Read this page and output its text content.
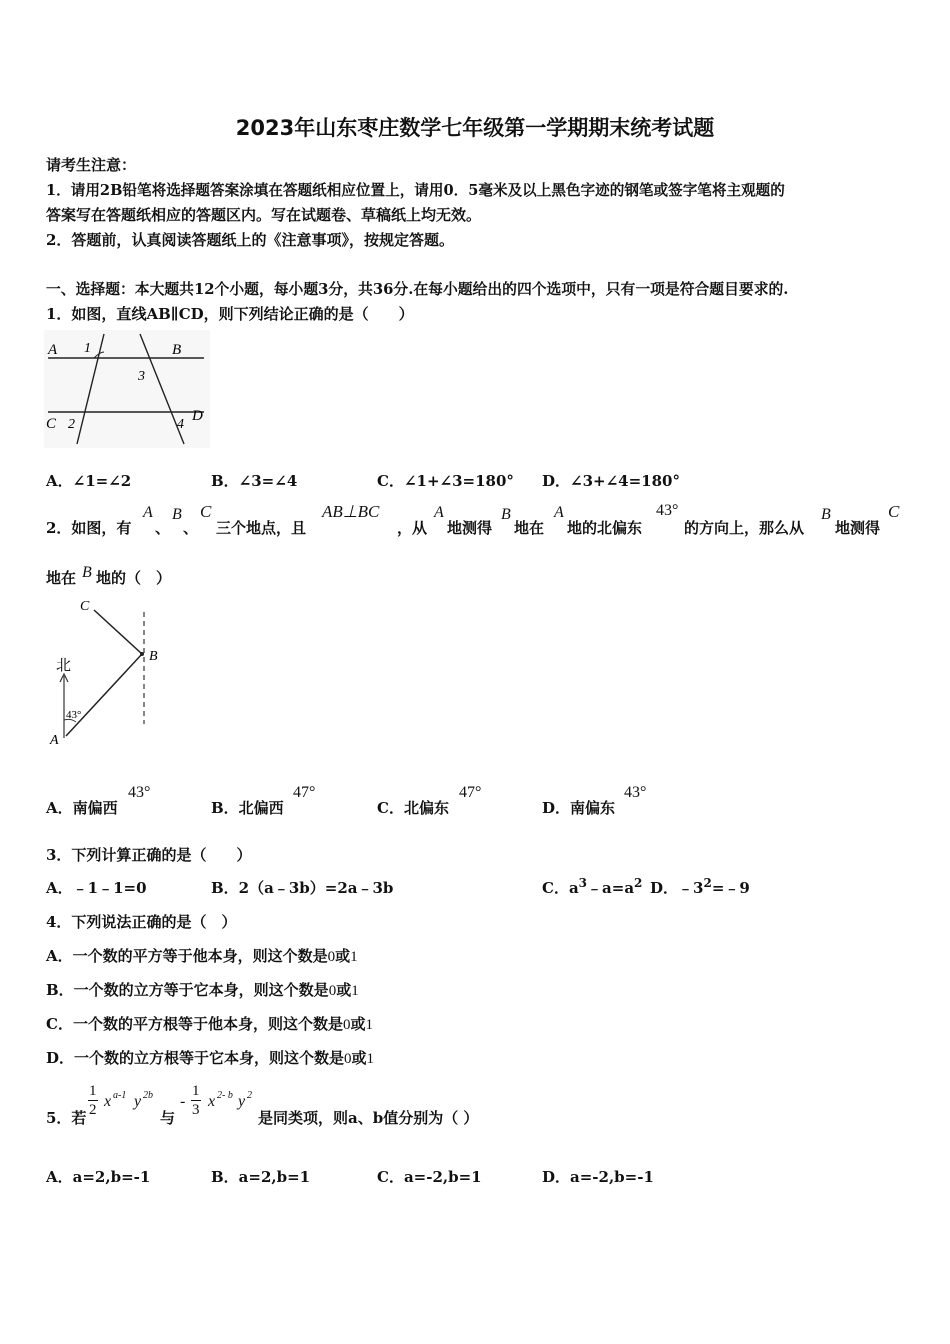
2023年山东枣庄数学七年级第一学期期末统考试题
请考生注意：
1．请用2B铅笔将选择题答案涂填在答题纸相应位置上，请用0．5毫米及以上黑色字迹的钢笔或签字笔将主观题的
答案写在答题纸相应的答题区内。写在试题卷、草稿纸上均无效。
2．答题前，认真阅读答题纸上的《注意事项》，按规定答题。
一、选择题：本大题共12个小题，每小题3分，共36分.在每小题给出的四个选项中，只有一项是符合题目要求的.
1．如图，直线AB∥CD，则下列结论正确的是（　　）
A	B
C	D
1
2
3
4
A．∠1=∠2	B．∠3=∠4	C．∠1+∠3=180° D．∠3+∠4=180°
2．如图，有
A
、
B
、
C
三个地点，且
AB⊥BC
，从
A
地测得
B
地在
A
地的北偏东
43°
的方向上，那么从
B
地测得
C
地在 B 地的（　）
C
B
A
北
43°
A．南偏西
43°
B．北偏西
47°
C．北偏东
47°
D．南偏东
43°
3．下列计算正确的是（　　）
A．﹣1﹣1=0	B．2（a﹣3b）=2a﹣3b	C．$a^3﹣a=a^2$ D．$﹣3^2=﹣9$
4．下列说法正确的是（　）
A．一个数的平方等于他本身，则这个数是0或1
B．一个数的立方等于它本身，则这个数是0或1
C．一个数的平方根等于他本身，则这个数是0或1
D．一个数的立方根等于它本身，则这个数是0或1
5．若 $\frac{1}{2}$ x a-1 y 2b
与
- $\frac{1}{3}$ x 2- b y 2
是同类项，则a、b值分别为（ ）
A．a=2,b=-1	B．a=2,b=1	C．a=-2,b=1	D．a=-2,b=-1
